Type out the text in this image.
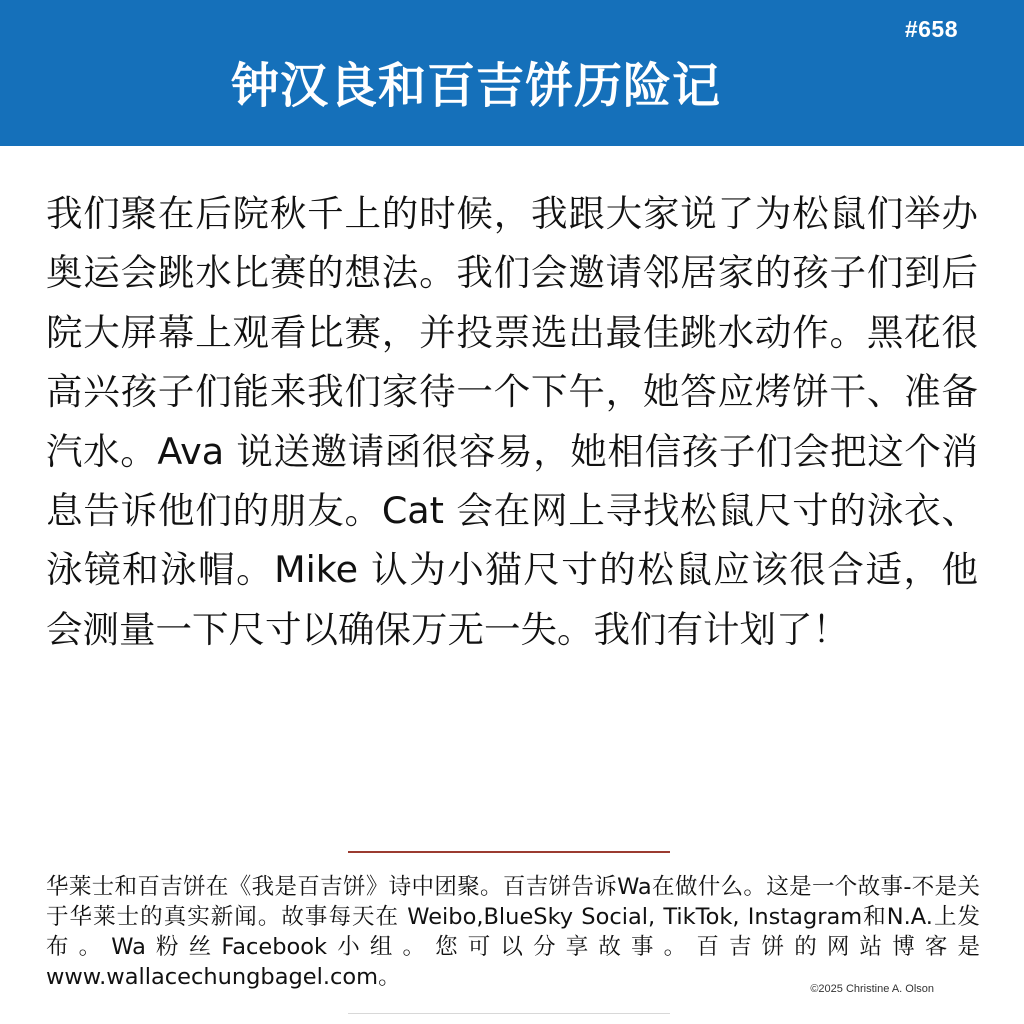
#658
钟汉良和百吉饼历险记

我们聚在后院秋千上的时候，我跟大家说了为松鼠们举办奥运会跳水比赛的想法。我们会邀请邻居家的孩子们到后院大屏幕上观看比赛，并投票选出最佳跳水动作。黑花很高兴孩子们能来我们家待一个下午，她答应烤饼干、准备汽水。Ava 说送邀请函很容易，她相信孩子们会把这个消息告诉他们的朋友。Cat 会在网上寻找松鼠尺寸的泳衣、泳镜和泳帽。Mike 认为小猫尺寸的松鼠应该很合适，他会测量一下尺寸以确保万无一失。我们有计划了！

华莱士和百吉饼在《我是百吉饼》诗中团聚。百吉饼告诉Wa在做什么。这是一个故事-不是关于华莱士的真实新闻。故事每天在 Weibo,BlueSky Social, TikTok, Instagram和N.A.上发布。Wa粉丝Facebook小组。您可以分享故事。百吉饼的网站博客是www.wallacechungbagel.com。	©2025 Christine A. Olson
